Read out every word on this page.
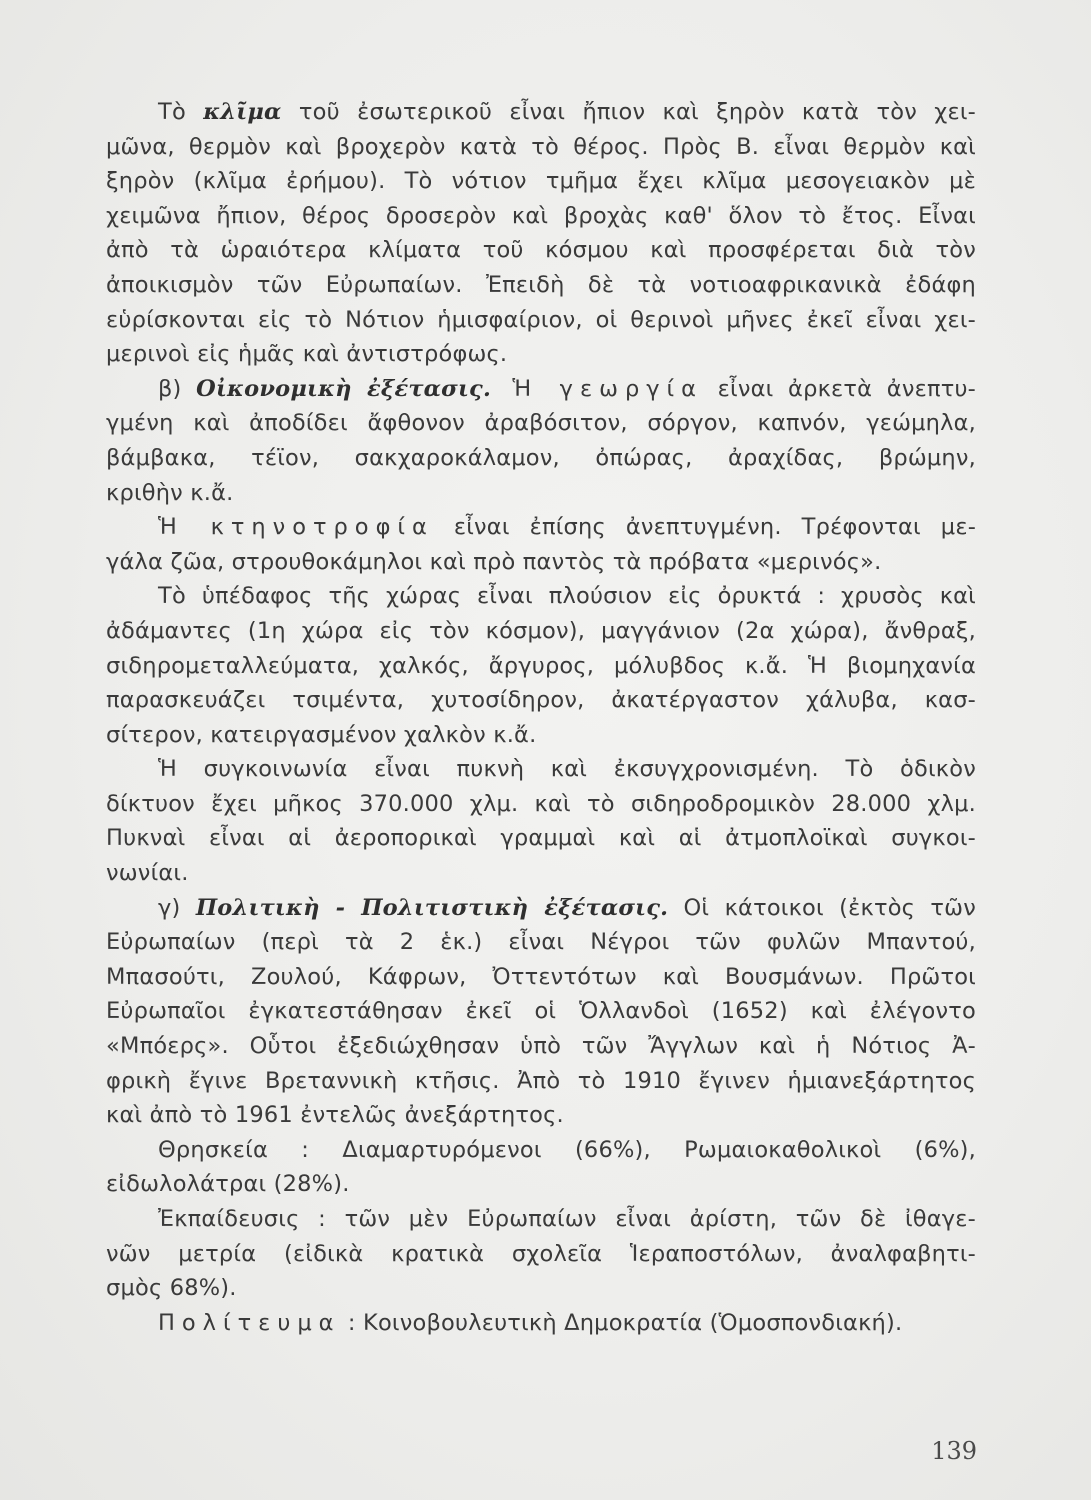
Τὸ κλῖμα τοῦ ἐσωτερικοῦ εἶναι ἤπιον καὶ ξηρὸν κατὰ τὸν χει-
μῶνα, θερμὸν καὶ βροχερὸν κατὰ τὸ θέρος. Πρὸς Β. εἶναι θερμὸν καὶ
ξηρὸν (κλῖμα ἐρήμου). Τὸ νότιον τμῆμα ἔχει κλῖμα μεσογειακὸν μὲ
χειμῶνα ἤπιον, θέρος δροσερὸν καὶ βροχὰς καθ' ὅλον τὸ ἔτος. Εἶναι
ἀπὸ τὰ ὡραιότερα κλίματα τοῦ κόσμου καὶ προσφέρεται διὰ τὸν
ἀποικισμὸν τῶν Εὐρωπαίων. Ἐπειδὴ δὲ τὰ νοτιοαφρικανικὰ ἐδάφη
εὑρίσκονται εἰς τὸ Νότιον ἡμισφαίριον, οἱ θερινοὶ μῆνες ἐκεῖ εἶναι χει-
μερινοὶ εἰς ἡμᾶς καὶ ἀντιστρόφως.
β) Οἰκονομικὴ ἐξέτασις. Ἡ γεωργία εἶναι ἀρκετὰ ἀνεπτυ-
γμένη καὶ ἀποδίδει ἄφθονον ἀραβόσιτον, σόργον, καπνόν, γεώμηλα,
βάμβακα, τέϊον, σακχαροκάλαμον, ὀπώρας, ἀραχίδας, βρώμην,
κριθὴν κ.ἄ.
Ἡ κτηνοτροφία εἶναι ἐπίσης ἀνεπτυγμένη. Τρέφονται με-
γάλα ζῶα, στρουθοκάμηλοι καὶ πρὸ παντὸς τὰ πρόβατα «μερινός».
Τὸ ὑπέδαφος τῆς χώρας εἶναι πλούσιον εἰς ὀρυκτά : χρυσὸς καὶ
ἀδάμαντες (1η χώρα εἰς τὸν κόσμον), μαγγάνιον (2α χώρα), ἄνθραξ,
σιδηρομεταλλεύματα, χαλκός, ἄργυρος, μόλυβδος κ.ἄ. Ἡ βιομηχανία
παρασκευάζει τσιμέντα, χυτοσίδηρον, ἀκατέργαστον χάλυβα, κασ-
σίτερον, κατειργασμένον χαλκὸν κ.ἄ.
Ἡ συγκοινωνία εἶναι πυκνὴ καὶ ἐκσυγχρονισμένη. Τὸ ὁδικὸν
δίκτυον ἔχει μῆκος 370.000 χλμ. καὶ τὸ σιδηροδρομικὸν 28.000 χλμ.
Πυκναὶ εἶναι αἱ ἀεροπορικαὶ γραμμαὶ καὶ αἱ ἀτμοπλοϊκαὶ συγκοι-
νωνίαι.
γ) Πολιτικὴ - Πολιτιστικὴ ἐξέτασις. Οἱ κάτοικοι (ἐκτὸς τῶν
Εὐρωπαίων (περὶ τὰ 2 ἑκ.) εἶναι Νέγροι τῶν φυλῶν Μπαντού,
Μπασούτι, Ζουλού, Κάφρων, Ὀττεντότων καὶ Βουσμάνων. Πρῶτοι
Εὐρωπαῖοι ἐγκατεστάθησαν ἐκεῖ οἱ Ὁλλανδοὶ (1652) καὶ ἐλέγοντο
«Μπόερς». Οὗτοι ἐξεδιώχθησαν ὑπὸ τῶν Ἄγγλων καὶ ἡ Νότιος Ἀ-
φρικὴ ἔγινε Βρεταννικὴ κτῆσις. Ἀπὸ τὸ 1910 ἔγινεν ἡμιανεξάρτητος
καὶ ἀπὸ τὸ 1961 ἐντελῶς ἀνεξάρτητος.
Θρησκεία : Διαμαρτυρόμενοι (66%), Ρωμαιοκαθολικοὶ (6%),
εἰδωλολάτραι (28%).
Ἐκπαίδευσις : τῶν μὲν Εὐρωπαίων εἶναι ἀρίστη, τῶν δὲ ἰθαγε-
νῶν μετρία (εἰδικὰ κρατικὰ σχολεῖα Ἱεραποστόλων, ἀναλφαβητι-
σμὸς 68%).
Πολίτευμα : Κοινοβουλευτικὴ Δημοκρατία (Ὁμοσπονδιακή).
139
